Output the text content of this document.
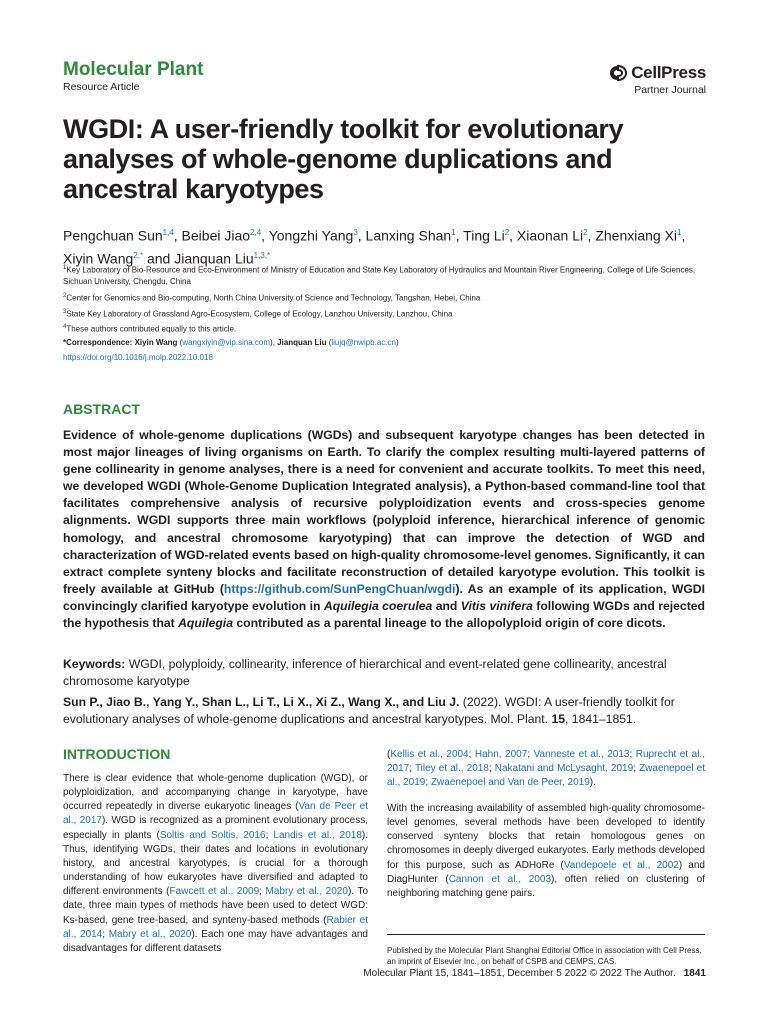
Molecular Plant
Resource Article
CellPress
Partner Journal
WGDI: A user-friendly toolkit for evolutionary analyses of whole-genome duplications and ancestral karyotypes
Pengchuan Sun$^{1,4}$, Beibei Jiao$^{2,4}$, Yongzhi Yang$^3$, Lanxing Shan$^1$, Ting Li$^2$, Xiaonan Li$^2$, Zhenxiang Xi$^1$, Xiyin Wang$^{2,*}$ and Jianquan Liu$^{1,3,*}$
$^1$Key Laboratory of Bio-Resource and Eco-Environment of Ministry of Education and State Key Laboratory of Hydraulics and Mountain River Engineering, College of Life Sciences, Sichuan University, Chengdu, China
$^2$Center for Genomics and Bio-computing, North China University of Science and Technology, Tangshan, Hebei, China
$^3$State Key Laboratory of Grassland Agro-Ecosystem, College of Ecology, Lanzhou University, Lanzhou, China
$^4$These authors contributed equally to this article.
*Correspondence: Xiyin Wang (wangxiyin@vip.sina.com), Jianquan Liu (liujq@nwipb.ac.cn)
https://doi.org/10.1016/j.molp.2022.10.018
ABSTRACT
Evidence of whole-genome duplications (WGDs) and subsequent karyotype changes has been detected in most major lineages of living organisms on Earth. To clarify the complex resulting multi-layered patterns of gene collinearity in genome analyses, there is a need for convenient and accurate toolkits. To meet this need, we developed WGDI (Whole-Genome Duplication Integrated analysis), a Python-based command-line tool that facilitates comprehensive analysis of recursive polyploidization events and cross-species genome alignments. WGDI supports three main workflows (polyploid inference, hierarchical inference of genomic homology, and ancestral chromosome karyotyping) that can improve the detection of WGD and characterization of WGD-related events based on high-quality chromosome-level genomes. Significantly, it can extract complete synteny blocks and facilitate reconstruction of detailed karyotype evolution. This toolkit is freely available at GitHub (https://github.com/SunPengChuan/wgdi). As an example of its application, WGDI convincingly clarified karyotype evolution in Aquilegia coerulea and Vitis vinifera following WGDs and rejected the hypothesis that Aquilegia contributed as a parental lineage to the allopolyploid origin of core dicots.
Keywords: WGDI, polyploidy, collinearity, inference of hierarchical and event-related gene collinearity, ancestral chromosome karyotype
Sun P., Jiao B., Yang Y., Shan L., Li T., Li X., Xi Z., Wang X., and Liu J. (2022). WGDI: A user-friendly toolkit for evolutionary analyses of whole-genome duplications and ancestral karyotypes. Mol. Plant. 15, 1841–1851.
INTRODUCTION
There is clear evidence that whole-genome duplication (WGD), or polyploidization, and accompanying change in karyotype, have occurred repeatedly in diverse eukaryotic lineages (Van de Peer et al., 2017). WGD is recognized as a prominent evolutionary process, especially in plants (Soltis and Soltis, 2016; Landis et al., 2018). Thus, identifying WGDs, their dates and locations in evolutionary history, and ancestral karyotypes, is crucial for a thorough understanding of how eukaryotes have diversified and adapted to different environments (Fawcett et al., 2009; Mabry et al., 2020). To date, three main types of methods have been used to detect WGD: Ks-based, gene tree-based, and synteny-based methods (Rabier et al., 2014; Mabry et al., 2020). Each one may have advantages and disadvantages for different datasets
(Kellis et al., 2004; Hahn, 2007; Vanneste et al., 2013; Ruprecht et al., 2017; Tiley et al., 2018; Nakatani and McLysaght, 2019; Zwaenepoel et al., 2019; Zwaenepoel and Van de Peer, 2019).
With the increasing availability of assembled high-quality chromosome-level genomes, several methods have been developed to identify conserved synteny blocks that retain homologous genes on chromosomes in deeply diverged eukaryotes. Early methods developed for this purpose, such as ADHoRe (Vandepoele et al., 2002) and DiagHunter (Cannon et al., 2003), often relied on clustering of neighboring matching gene pairs.
Published by the Molecular Plant Shanghai Editorial Office in association with Cell Press, an imprint of Elsevier Inc., on behalf of CSPB and CEMPS, CAS.
Molecular Plant 15, 1841–1851, December 5 2022 © 2022 The Author. 1841
